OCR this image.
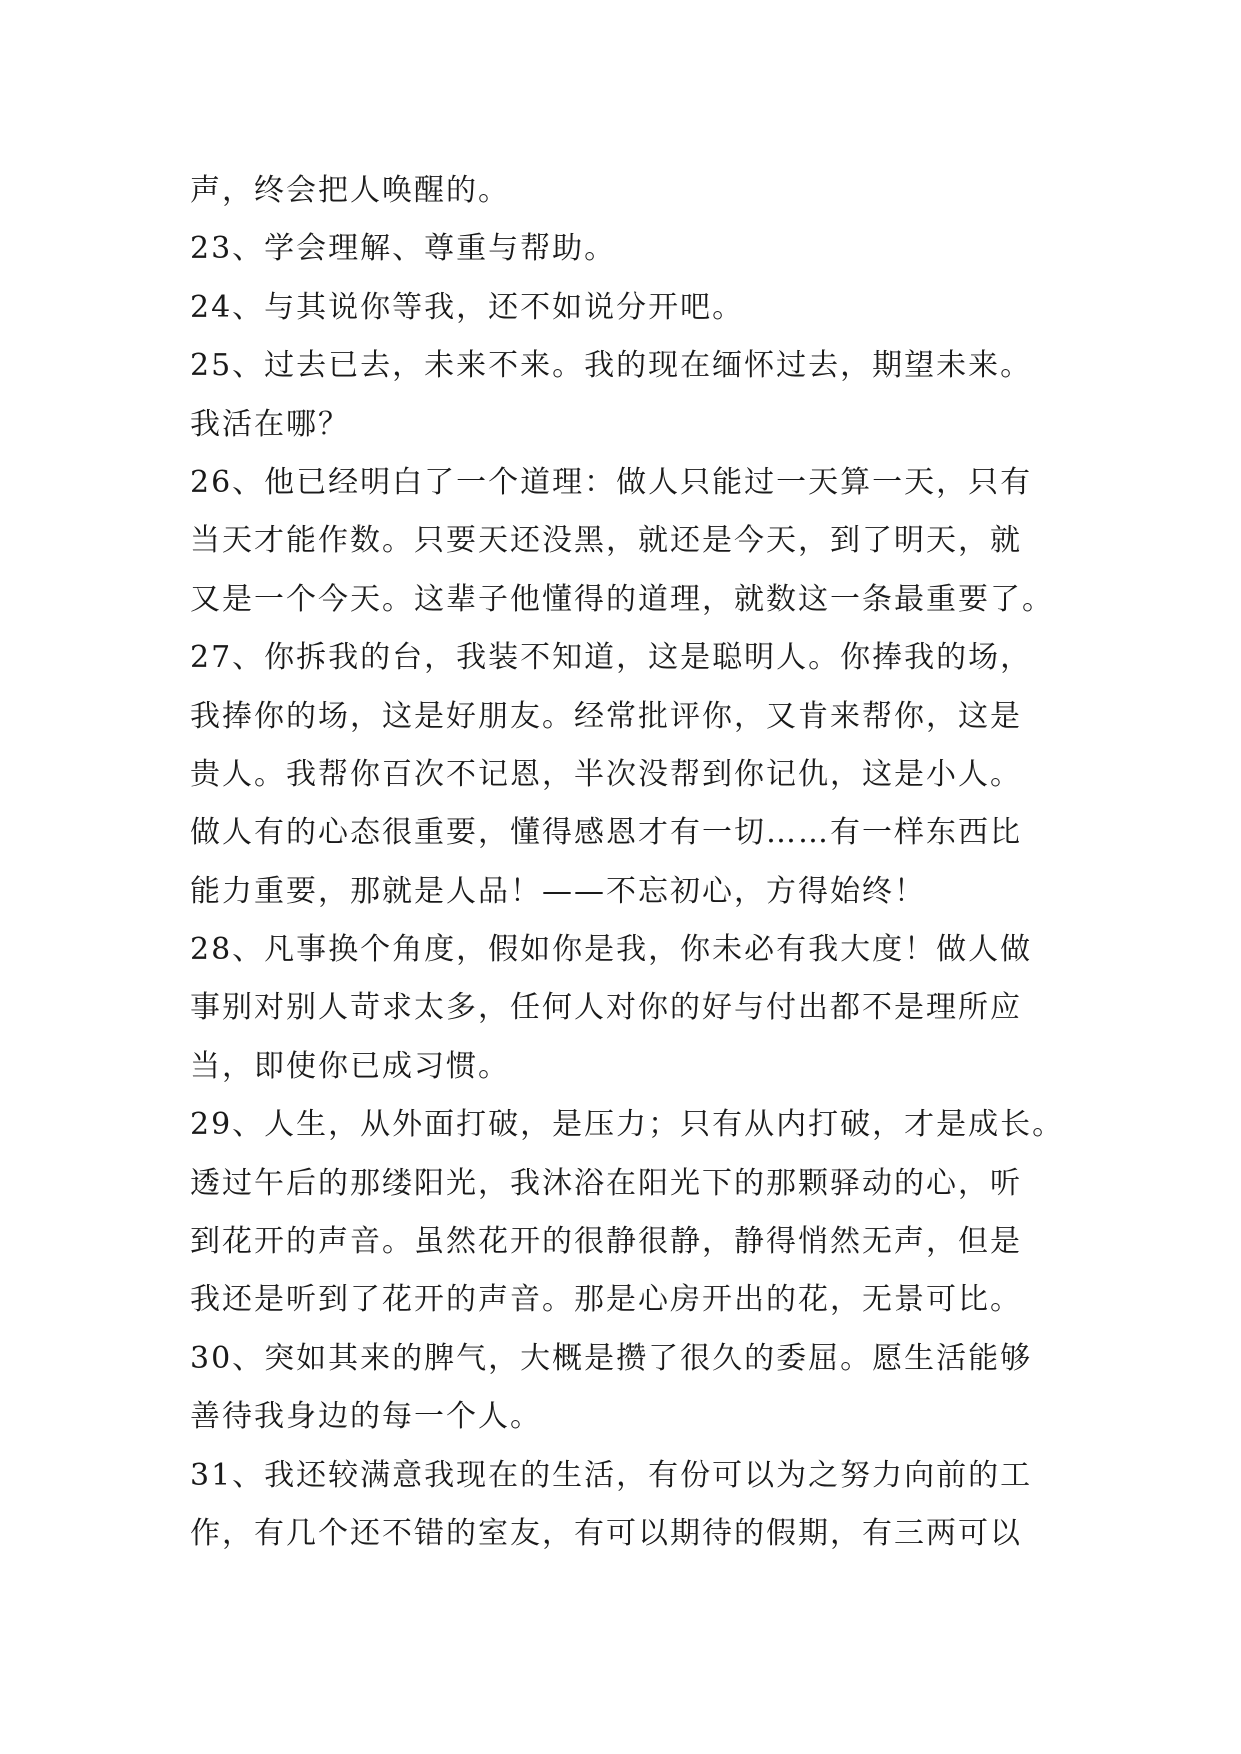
声，终会把人唤醒的。
23、学会理解、尊重与帮助。
24、与其说你等我，还不如说分开吧。
25、过去已去，未来不来。我的现在缅怀过去，期望未来。
我活在哪？
26、他已经明白了一个道理：做人只能过一天算一天，只有
当天才能作数。只要天还没黑，就还是今天，到了明天，就
又是一个今天。这辈子他懂得的道理，就数这一条最重要了。
27、你拆我的台，我装不知道，这是聪明人。你捧我的场，
我捧你的场，这是好朋友。经常批评你，又肯来帮你，这是
贵人。我帮你百次不记恩，半次没帮到你记仇，这是小人。
做人有的心态很重要，懂得感恩才有一切……有一样东西比
能力重要，那就是人品！——不忘初心，方得始终！
28、凡事换个角度，假如你是我，你未必有我大度！做人做
事别对别人苛求太多，任何人对你的好与付出都不是理所应
当，即使你已成习惯。
29、人生，从外面打破，是压力；只有从内打破，才是成长。
透过午后的那缕阳光，我沐浴在阳光下的那颗驿动的心，听
到花开的声音。虽然花开的很静很静，静得悄然无声，但是
我还是听到了花开的声音。那是心房开出的花，无景可比。
30、突如其来的脾气，大概是攒了很久的委屈。愿生活能够
善待我身边的每一个人。
31、我还较满意我现在的生活，有份可以为之努力向前的工
作，有几个还不错的室友，有可以期待的假期，有三两可以
